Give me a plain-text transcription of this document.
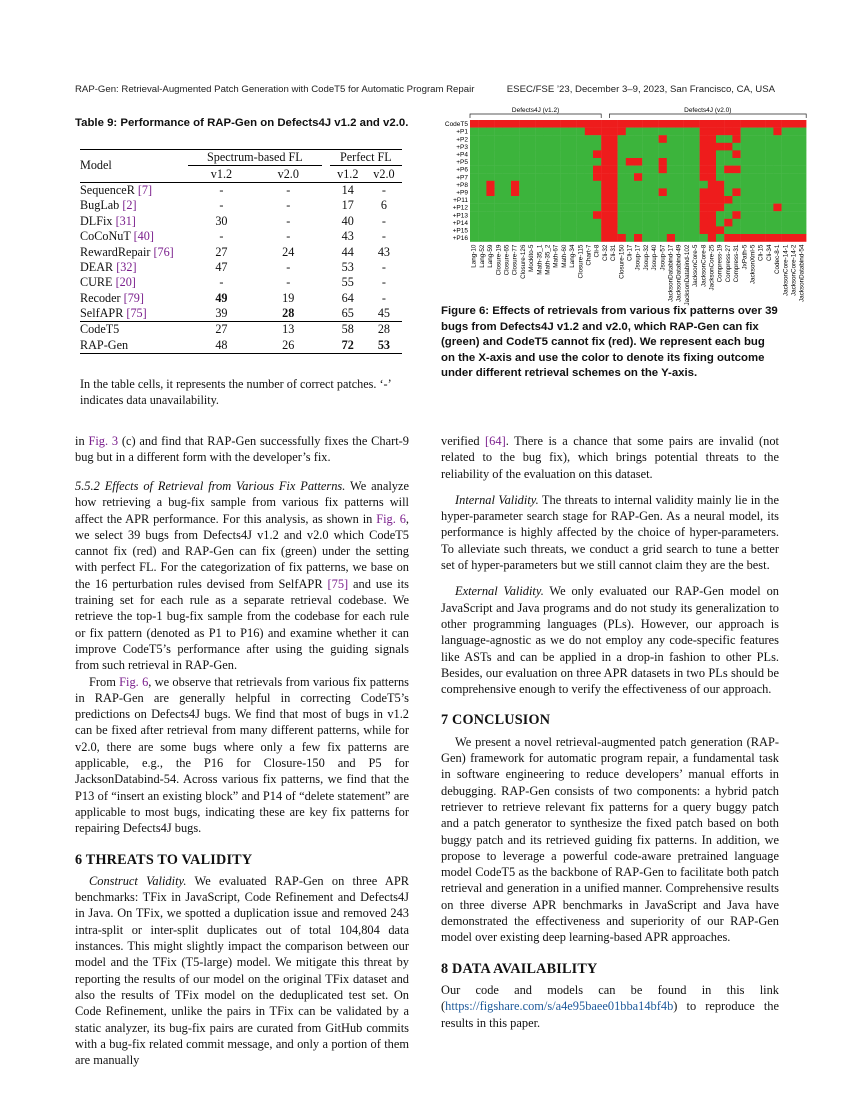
RAP-Gen: Retrieval-Augmented Patch Generation with CodeT5 for Automatic Program Repair	ESEC/FSE ’23, December 3–9, 2023, San Francisco, CA, USA
Table 9: Performance of RAP-Gen on Defects4J v1.2 and v2.0.
Model	Spectrum-based FL			Perfect FL	
	v1.2	v2.0		v1.2	v2.0
SequenceR [7]	-	-		14	-
BugLab [2]	-	-		17	6
DLFix [31]	30	-		40	-
CoCoNuT [40]	-	-		43	-
RewardRepair [76]	27	24		44	43
DEAR [32]	47	-		53	-
CURE [20]	-	-		55	-
Recoder [79]	49	19		64	-
SelfAPR [75]	39	28		65	45
CodeT5	27	13		58	28
RAP-Gen	48	26		72	53
In the table cells, it represents the number of correct patches. ‘-’ indicates data unavailability.
Defects4J (v1.2)	Defects4J (v2.0)
CodeT5
+P1
+P2
+P3
+P4
+P5
+P6
+P7
+P8
+P9
+P11
+P12
+P13
+P14
+P15
+P16
Lang-10 Lang-52 Lang-59 Closure-19 Closure-65 Closure-77 Closure-126 Mockito-5 Math-35_1 Math-35_2 Math-67 Math-60 Lang-34 Closure-115 Chart-7 Cli-8 Cli-32 Cli-31 Closure-150 Cli-17 Jsoup-17 Jsoup-32 Jsoup-40 Jsoup-57 JacksonDatabind-17 JacksonDatabind-49 JacksonDatabind-102 JacksonCore-5 JacksonCore-8 JacksonCore-25 Compress-19 Compress-27 Compress-31 JxPath-5 JacksonXml-5 Cli-15 Cli-34 Codec-8-1 JacksonCore-14-1 JacksonCore-14-2 JacksonDatabind-54
Figure 6: Effects of retrievals from various fix patterns over 39 bugs from Defects4J v1.2 and v2.0, which RAP-Gen can fix (green) and CodeT5 cannot fix (red). We represent each bug on the X-axis and use the color to denote its fixing outcome under different retrieval schemes on the Y-axis.

in Fig. 3 (c) and find that RAP-Gen successfully fixes the Chart-9 bug but in a different form with the developer’s fix.

5.5.2 Effects of Retrieval from Various Fix Patterns. We analyze how retrieving a bug-fix sample from various fix patterns will affect the APR performance. For this analysis, as shown in Fig. 6, we select 39 bugs from Defects4J v1.2 and v2.0 which CodeT5 cannot fix (red) and RAP-Gen can fix (green) under the setting with perfect FL. For the categorization of fix patterns, we base on the 16 perturbation rules devised from SelfAPR [75] and use its training set for each rule as a separate retrieval codebase. We retrieve the top-1 bug-fix sample from the codebase for each rule or fix pattern (denoted as P1 to P16) and examine whether it can improve CodeT5’s performance after using the guiding signals from such retrieval in RAP-Gen.

From Fig. 6, we observe that retrievals from various fix patterns in RAP-Gen are generally helpful in correcting CodeT5’s predictions on Defects4J bugs. We find that most of bugs in v1.2 can be fixed after retrieval from many different patterns, while for v2.0, there are some bugs where only a few fix patterns are applicable, e.g., the P16 for Closure-150 and P5 for JacksonDatabind-54. Across various fix patterns, we find that the P13 of “insert an existing block” and P14 of “delete statement” are applicable to most bugs, indicating these are key fix patterns for repairing Defects4J bugs.

6 THREATS TO VALIDITY

Construct Validity. We evaluated RAP-Gen on three APR benchmarks: TFix in JavaScript, Code Refinement and Defects4J in Java. On TFix, we spotted a duplication issue and removed 243 intra-split or inter-split duplicates out of total 104,804 data instances. This might slightly impact the comparison between our model and the TFix (T5-large) model. We mitigate this threat by reporting the results of our model on the original TFix dataset and also the results of TFix model on the deduplicated test set. On Code Refinement, unlike the pairs in TFix can be validated by a static analyzer, its bug-fix pairs are curated from GitHub commits with a bug-fix related commit message, and only a portion of them are manually

verified [64]. There is a chance that some pairs are invalid (not related to the bug fix), which brings potential threats to the reliability of the evaluation on this dataset.

Internal Validity. The threats to internal validity mainly lie in the hyper-parameter search stage for RAP-Gen. As a neural model, its performance is highly affected by the choice of hyper-parameters. To alleviate such threats, we conduct a grid search to tune a better set of hyper-parameters but we still cannot claim they are the best.

External Validity. We only evaluated our RAP-Gen model on JavaScript and Java programs and do not study its generalization to other programming languages (PLs). However, our approach is language-agnostic as we do not employ any code-specific features like ASTs and can be applied in a drop-in fashion to other PLs. Besides, our evaluation on three APR datasets in two PLs should be comprehensive enough to verify the effectiveness of our approach.

7 CONCLUSION

We present a novel retrieval-augmented patch generation (RAP-Gen) framework for automatic program repair, a fundamental task in software engineering to reduce developers’ manual efforts in debugging. RAP-Gen consists of two components: a hybrid patch retriever to retrieve relevant fix patterns for a query buggy patch and a patch generator to synthesize the fixed patch based on both buggy patch and its retrieved guiding fix patterns. In addition, we propose to leverage a powerful code-aware pretrained language model CodeT5 as the backbone of RAP-Gen to facilitate both patch retrieval and generation in a unified manner. Comprehensive results on three diverse APR benchmarks in JavaScript and Java have demonstrated the effectiveness and superiority of our RAP-Gen model over existing deep learning-based APR approaches.

8 DATA AVAILABILITY

Our code and models can be found in this link (https://figshare.com/s/a4e95baee01bba14bf4b) to reproduce the results in this paper.
